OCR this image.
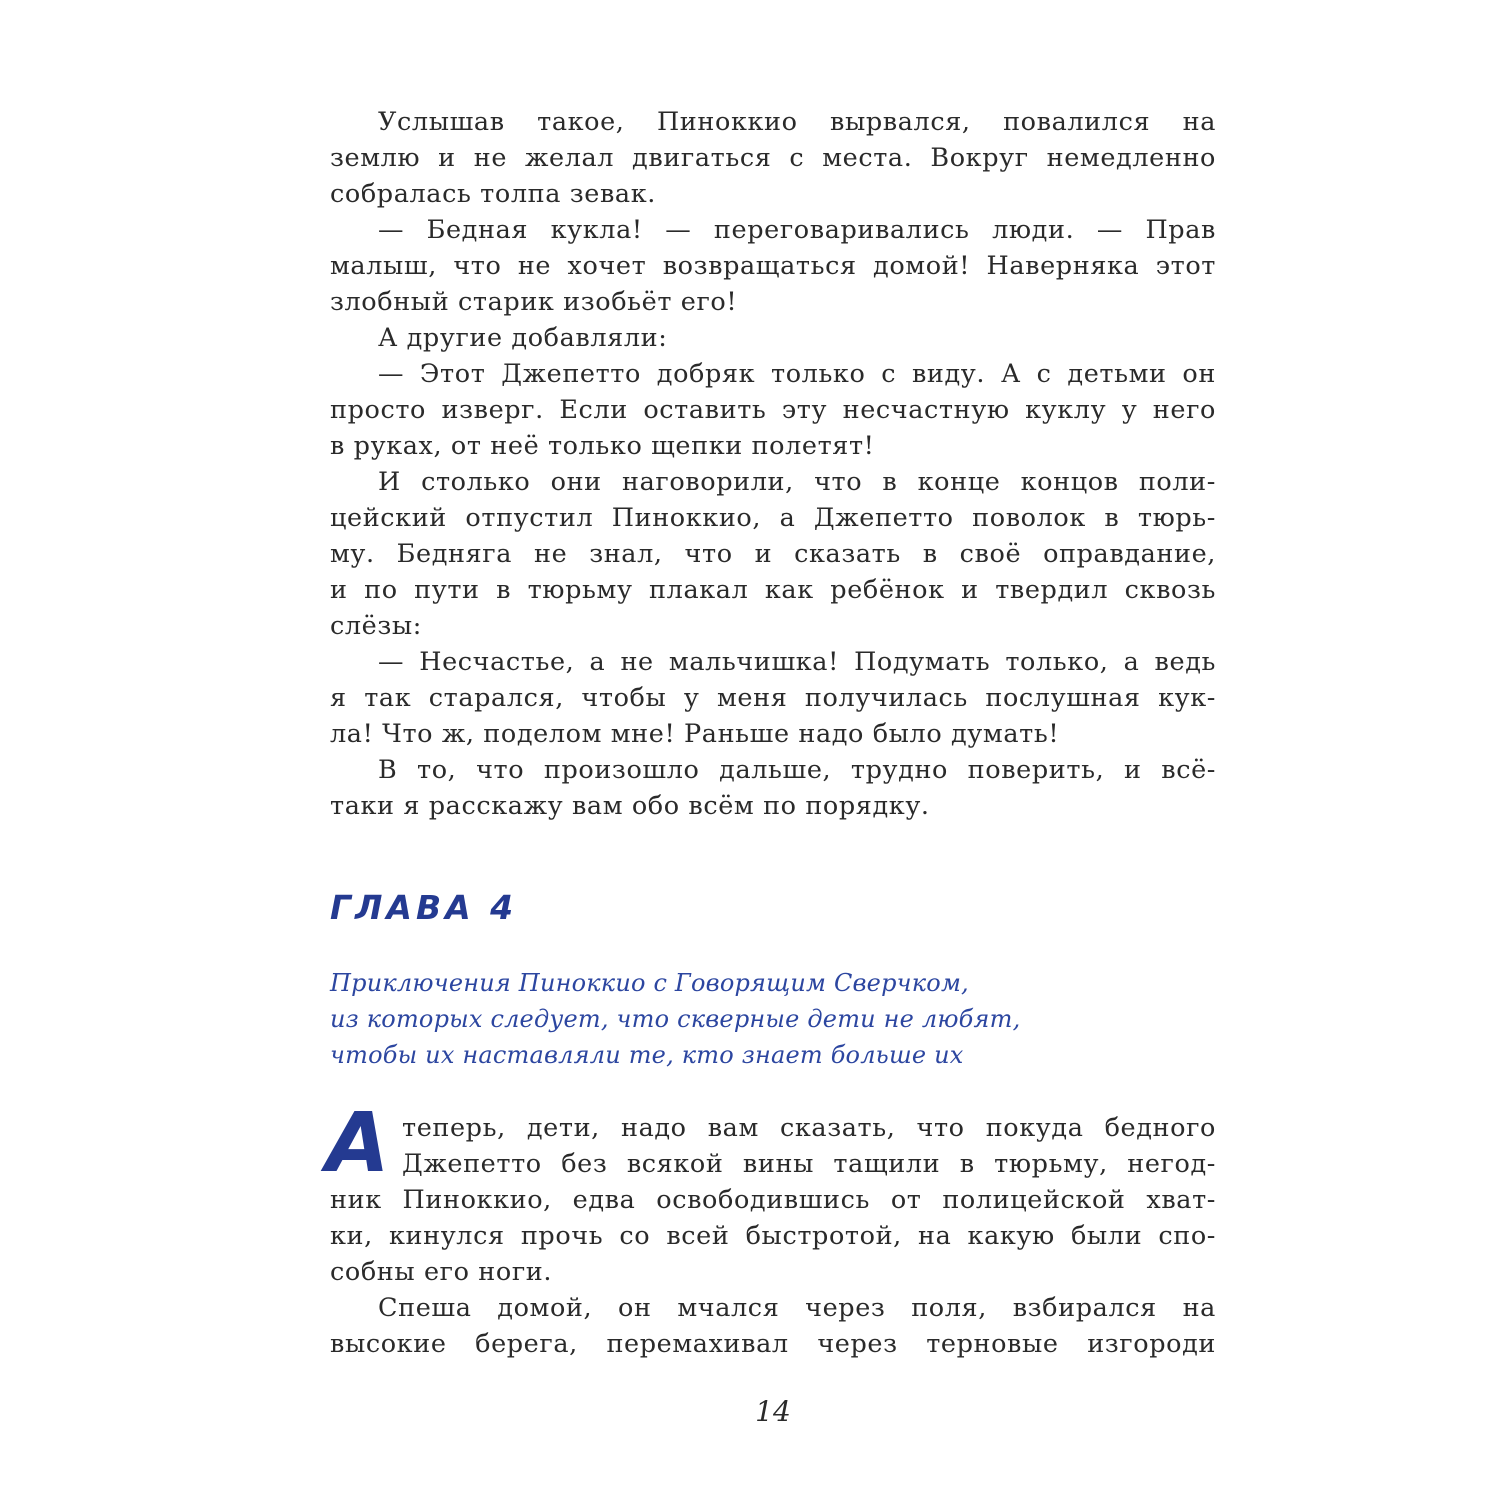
Услышав такое, Пиноккио вырвался, повалился на
землю и не желал двигаться с места. Вокруг немедленно
собралась толпа зевак.
— Бедная кукла! — переговаривались люди. — Прав
малыш, что не хочет возвращаться домой! Наверняка этот
злобный старик изобьёт его!
А другие добавляли:
— Этот Джепетто добряк только с виду. А с детьми он
просто изверг. Если оставить эту несчастную куклу у него
в руках, от неё только щепки полетят!
И столько они наговорили, что в конце концов поли-
цейский отпустил Пиноккио, а Джепетто поволок в тюрь-
му. Бедняга не знал, что и сказать в своё оправдание,
и по пути в тюрьму плакал как ребёнок и твердил сквозь
слёзы:
— Несчастье, а не мальчишка! Подумать только, а ведь
я так старался, чтобы у меня получилась послушная кук-
ла! Что ж, поделом мне! Раньше надо было думать!
В то, что произошло дальше, трудно поверить, и всё-
таки я расскажу вам обо всём по порядку.
ГЛАВА 4
Приключения Пиноккио с Говорящим Сверчком,
из которых следует, что скверные дети не любят,
чтобы их наставляли те, кто знает больше их
А теперь, дети, надо вам сказать, что покуда бедного
Джепетто без всякой вины тащили в тюрьму, негод-
ник Пиноккио, едва освободившись от полицейской хват-
ки, кинулся прочь со всей быстротой, на какую были спо-
собны его ноги.
Спеша домой, он мчался через поля, взбирался на
высокие берега, перемахивал через терновые изгороди
14
